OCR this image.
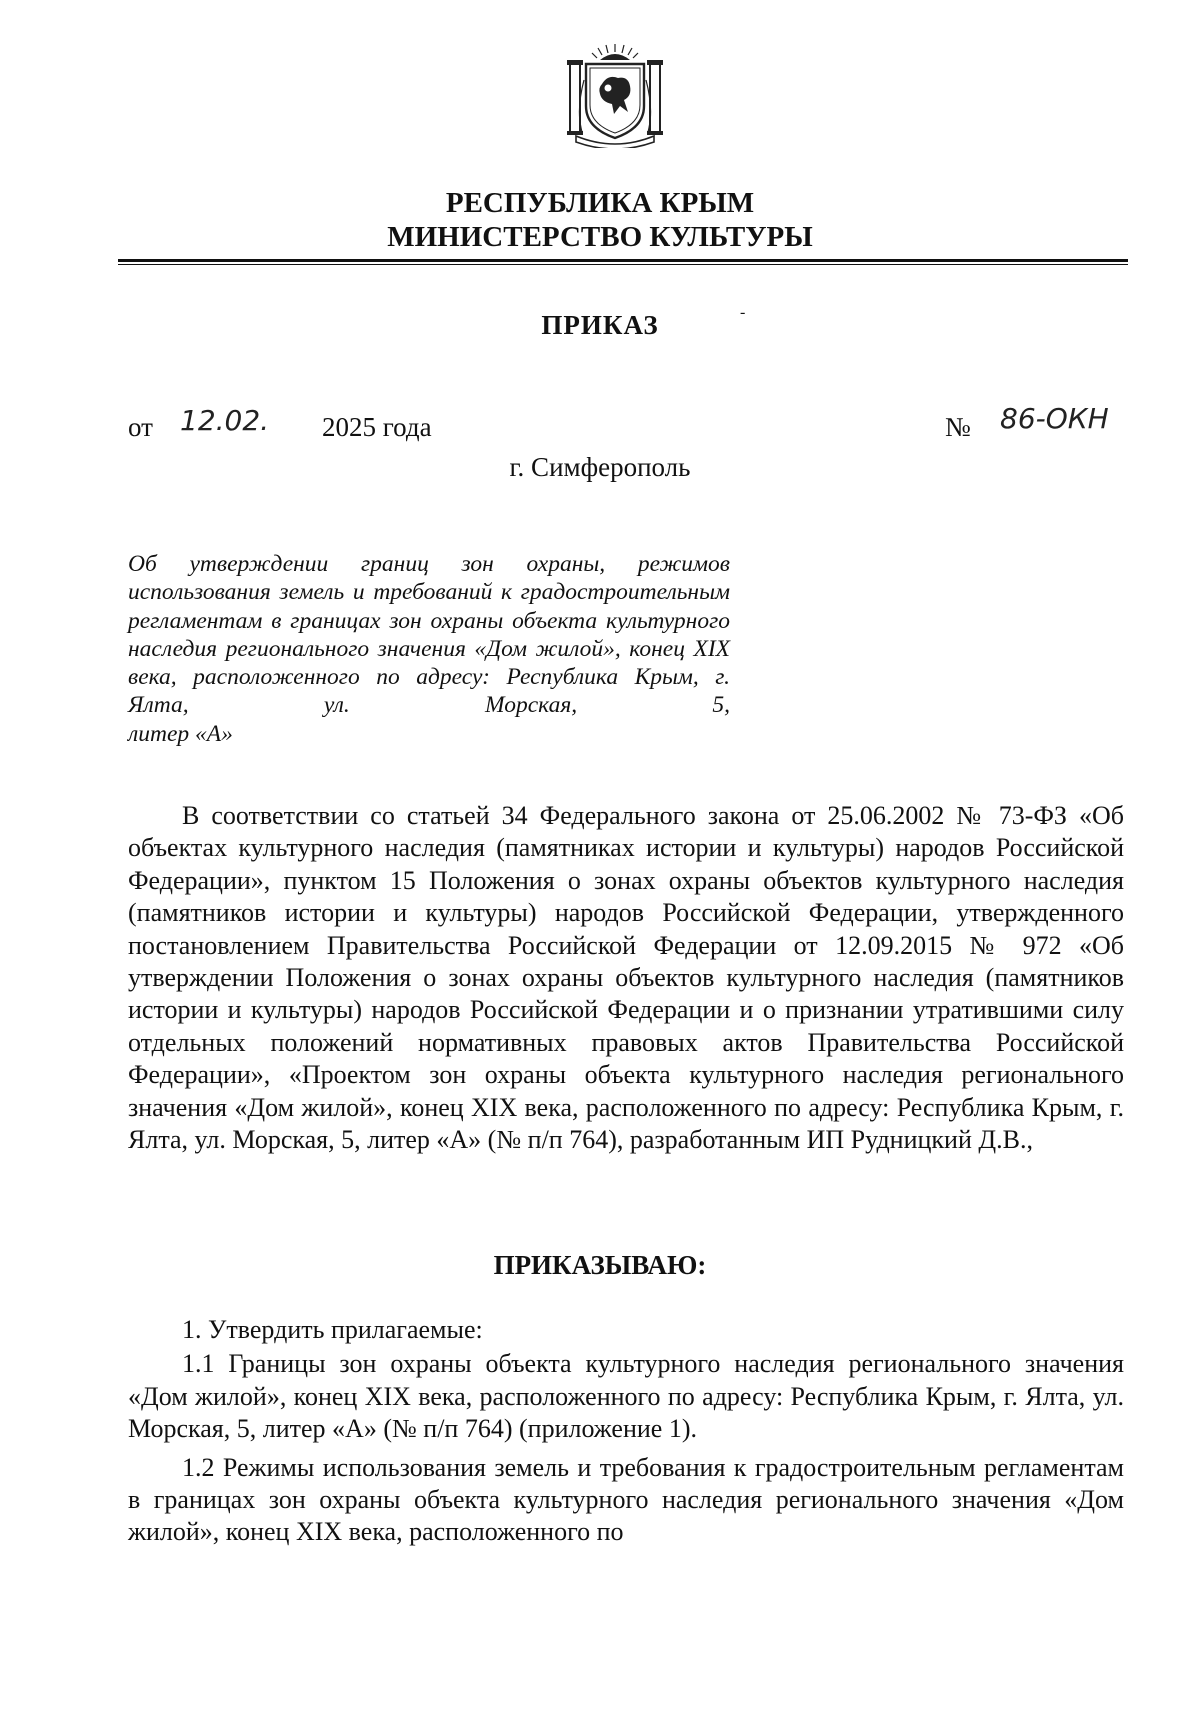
РЕСПУБЛИКА КРЫМ
МИНИСТЕРСТВО КУЛЬТУРЫ
ПРИКАЗ	-
от 12.02. 2025 года	№ 86-ОКН
г. Симферополь
Об утверждении границ зон охраны, режимов использования земель и требований к градостроительным регламентам в границах зон охраны объекта культурного наследия регионального значения «Дом жилой», конец XIX века, расположенного по адресу: Республика Крым, г. Ялта, ул. Морская, 5,
литер «А»

В соответствии со статьей 34 Федерального закона от 25.06.2002 № 73-ФЗ «Об объектах культурного наследия (памятниках истории и культуры) народов Российской Федерации», пунктом 15 Положения о зонах охраны объектов культурного наследия (памятников истории и культуры) народов Российской Федерации, утвержденного постановлением Правительства Российской Федерации от 12.09.2015 № 972 «Об утверждении Положения о зонах охраны объектов культурного наследия (памятников истории и культуры) народов Российской Федерации и о признании утратившими силу отдельных положений нормативных правовых актов Правительства Российской Федерации», «Проектом зон охраны объекта культурного наследия регионального значения «Дом жилой», конец XIX века, расположенного по адресу: Республика Крым, г. Ялта, ул. Морская, 5, литер «А» (№ п/п 764), разработанным ИП Рудницкий Д.В.,

ПРИКАЗЫВАЮ:

1. Утвердить прилагаемые:

1.1 Границы зон охраны объекта культурного наследия регионального значения «Дом жилой», конец XIX века, расположенного по адресу: Республика Крым, г. Ялта, ул. Морская, 5, литер «А» (№ п/п 764) (приложение 1).

1.2 Режимы использования земель и требования к градостроительным регламентам в границах зон охраны объекта культурного наследия регионального значения «Дом жилой», конец XIX века, расположенного по
